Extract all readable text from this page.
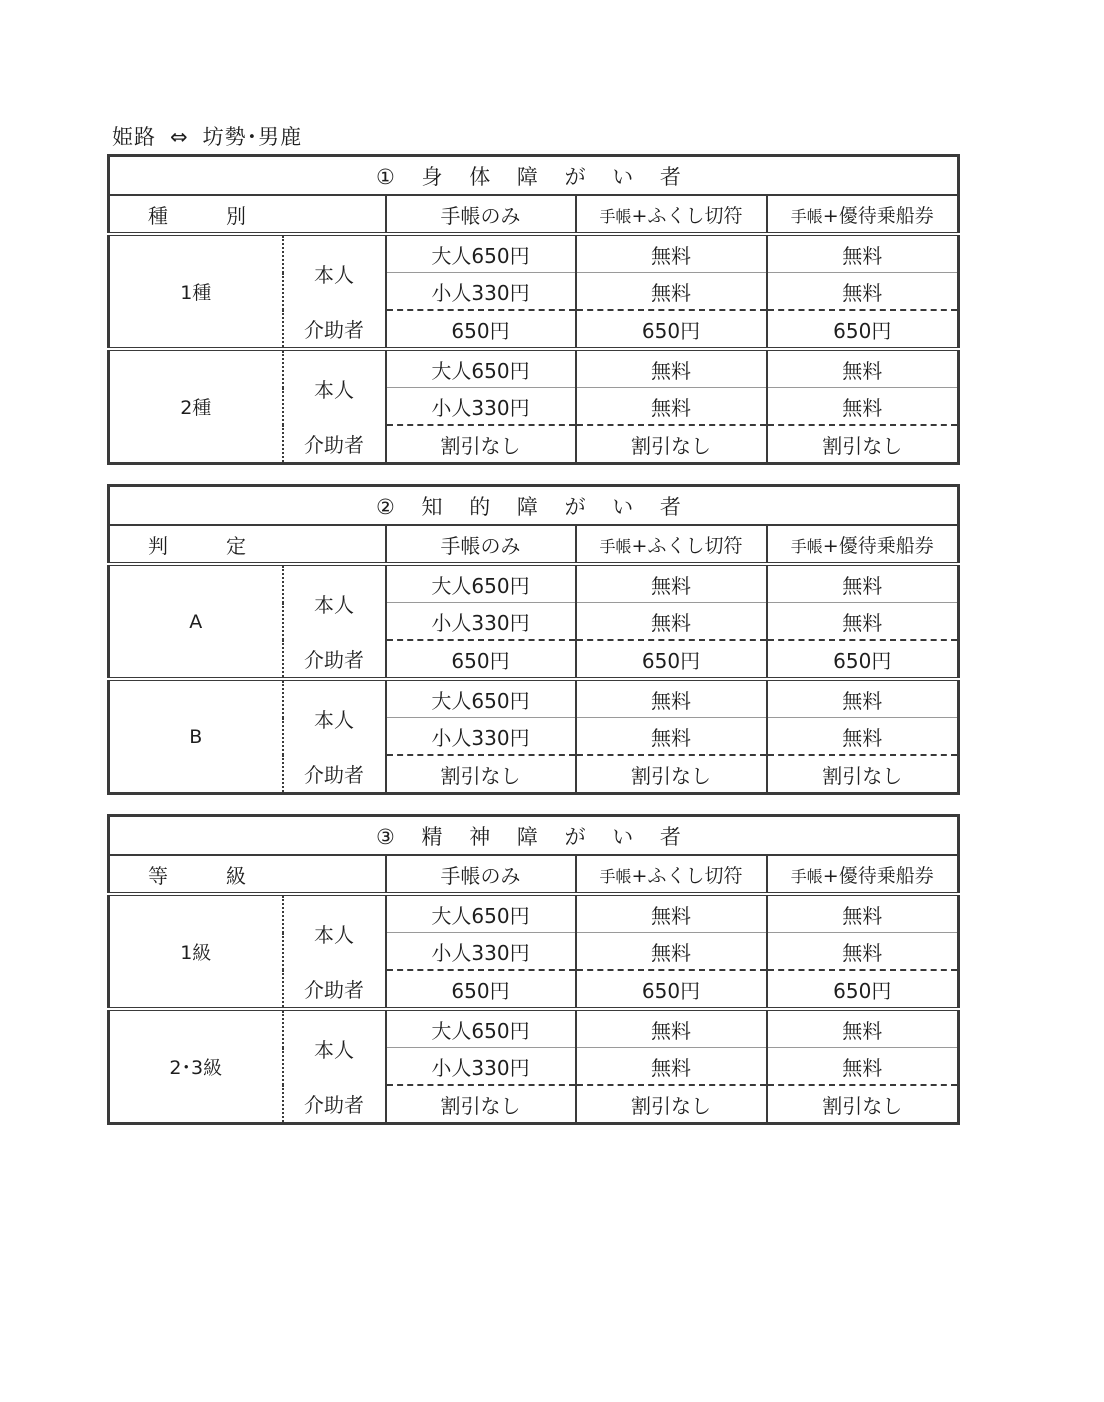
姫路 ⇔ 坊勢･男鹿
① 身 体 障 が い 者				
種別		手帳のみ	手帳+ふくし切符	手帳+優待乗船券
1種	本人	大人650円	無料	無料
		小人330円	無料	無料
	介助者	650円	650円	650円
2種	本人	大人650円	無料	無料
		小人330円	無料	無料
	介助者	割引なし	割引なし	割引なし
② 知 的 障 が い 者				
判定		手帳のみ	手帳+ふくし切符	手帳+優待乗船券
A	本人	大人650円	無料	無料
		小人330円	無料	無料
	介助者	650円	650円	650円
B	本人	大人650円	無料	無料
		小人330円	無料	無料
	介助者	割引なし	割引なし	割引なし
③ 精 神 障 が い 者				
等級		手帳のみ	手帳+ふくし切符	手帳+優待乗船券
1級	本人	大人650円	無料	無料
		小人330円	無料	無料
	介助者	650円	650円	650円
2･3級	本人	大人650円	無料	無料
		小人330円	無料	無料
	介助者	割引なし	割引なし	割引なし
